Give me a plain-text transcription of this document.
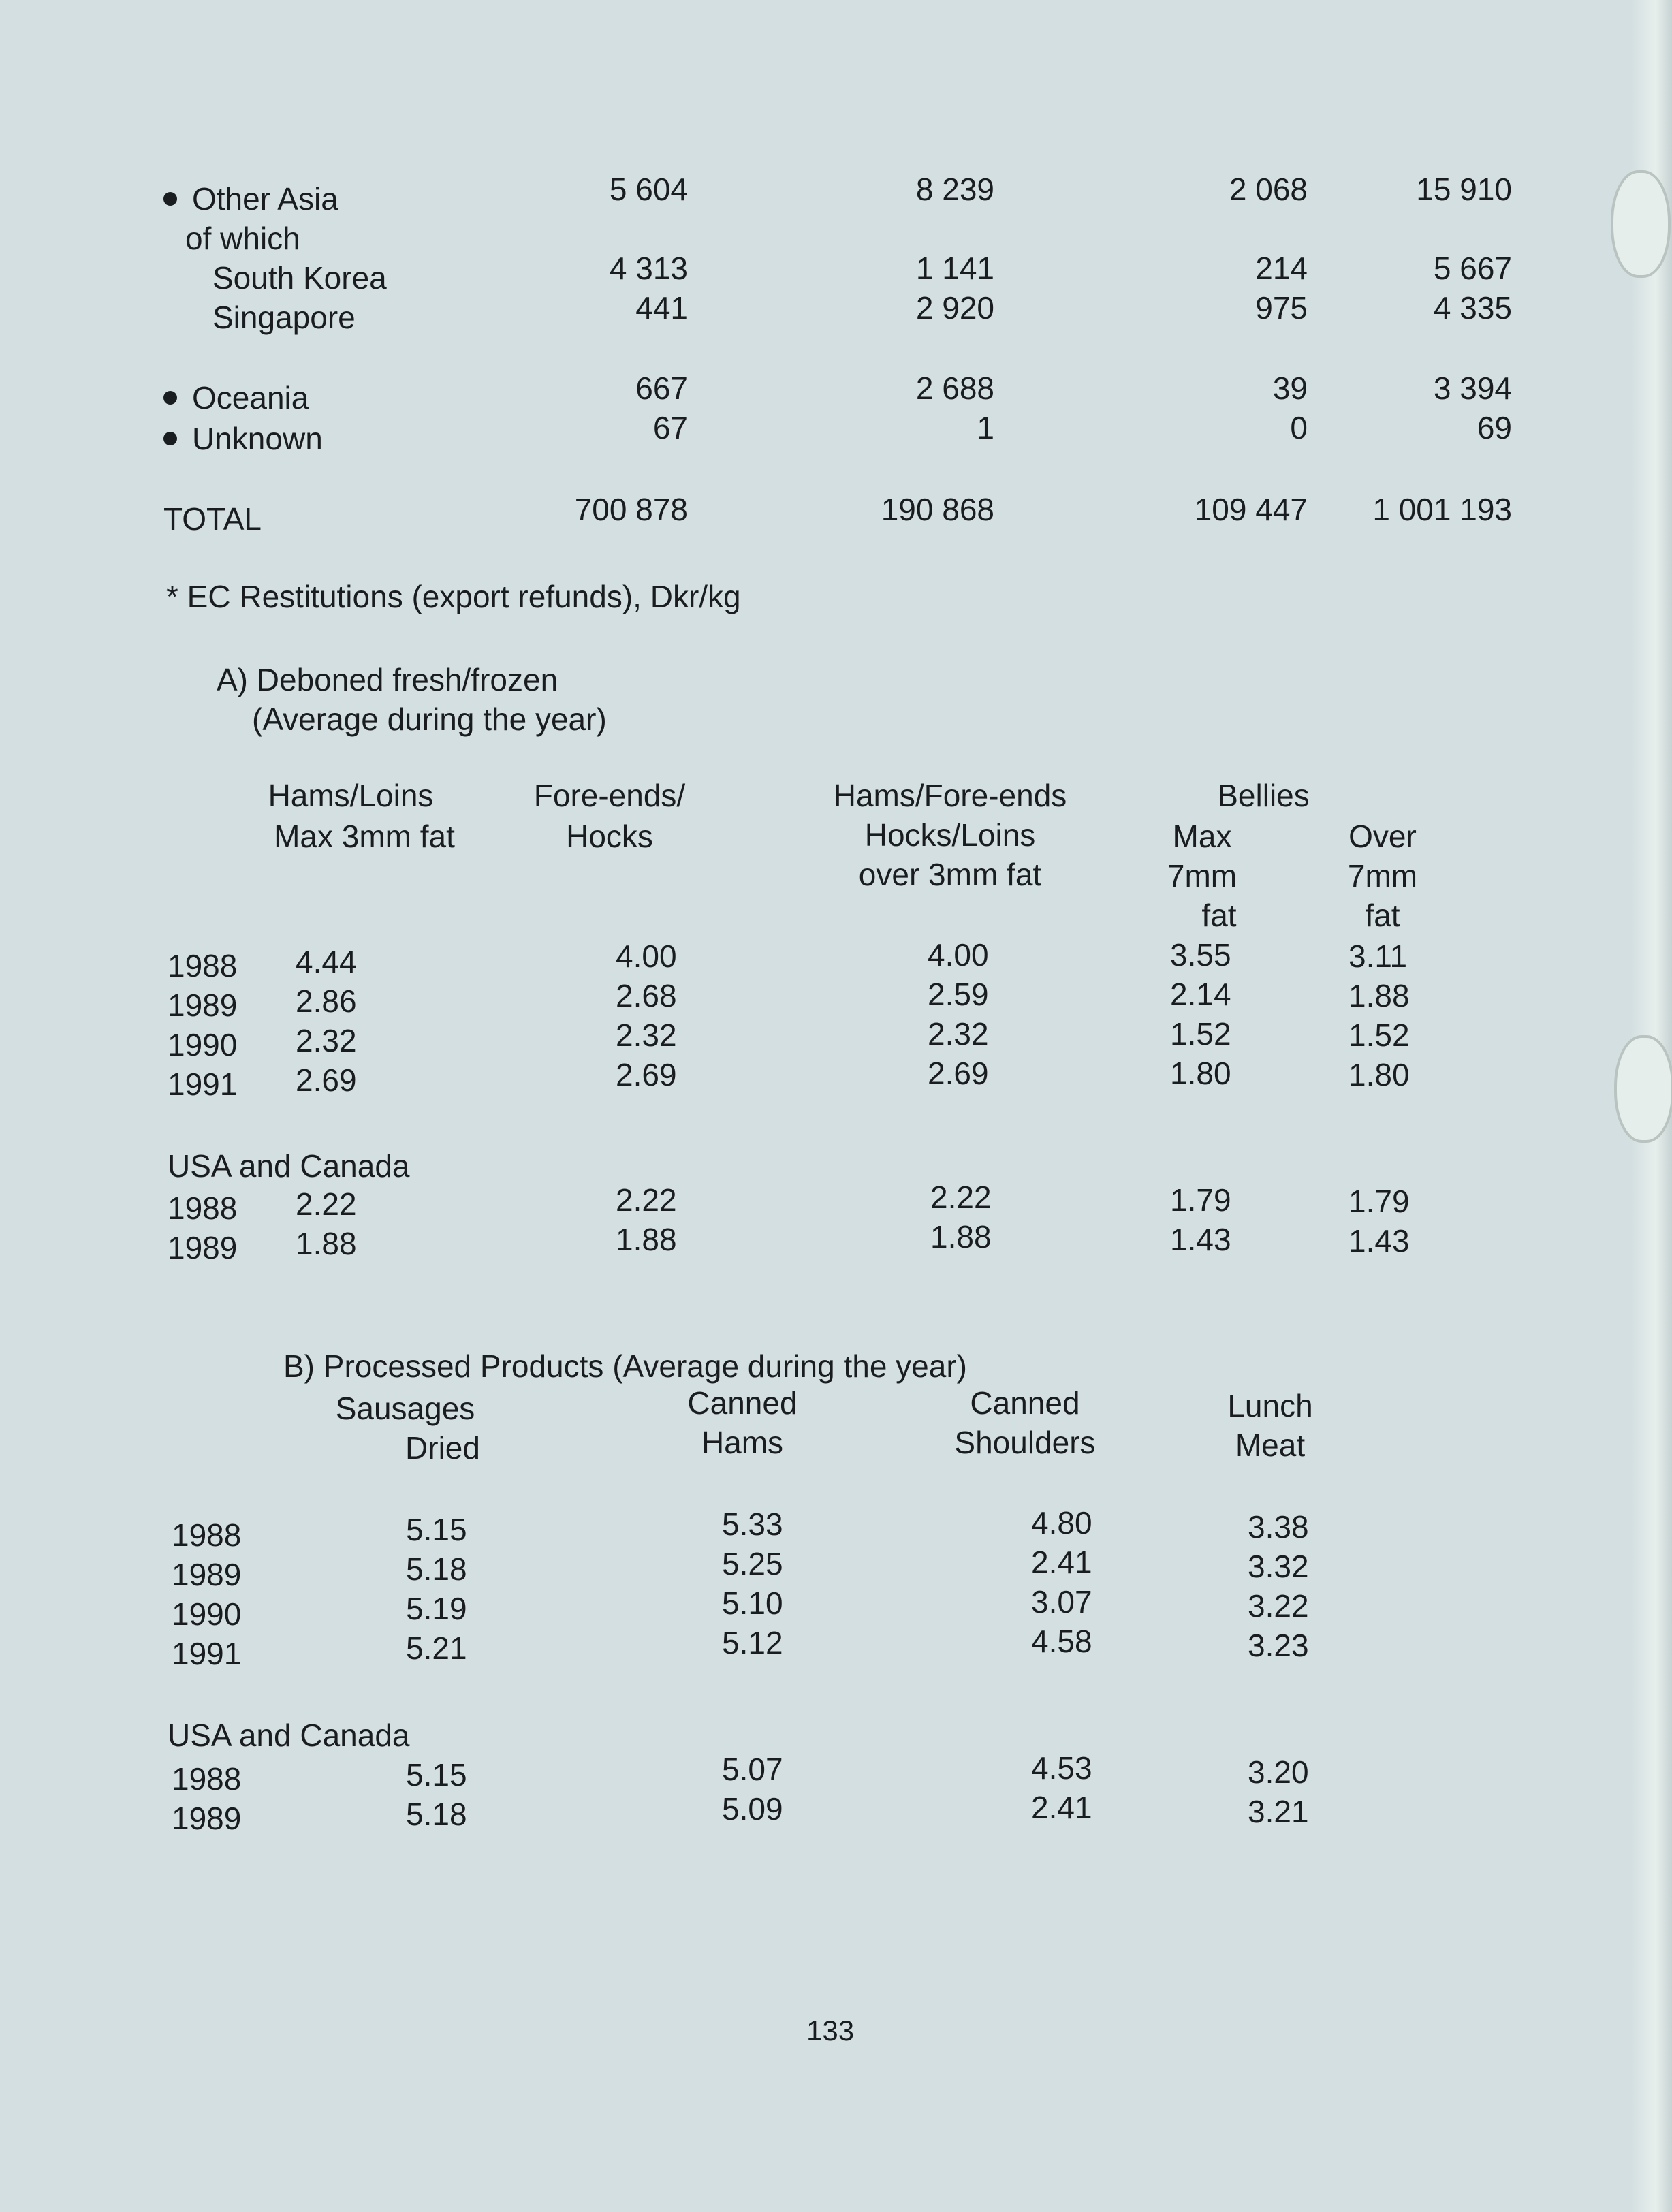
Other Asia	5 604	8 239	2 068	15 910
of which
South Korea	4 313	1 141	214	5 667
Singapore	441	2 920	975	4 335
Oceania	667	2 688	39	3 394
Unknown	67	1	0	69
TOTAL	700 878	190 868	109 447	1 001 193
* EC Restitutions (export refunds), Dkr/kg
A) Deboned fresh/frozen
(Average during the year)
Hams/Loins
Max 3mm fat
Fore-ends/
Hocks
Hams/Fore-ends
Hocks/Loins
over 3mm fat
Bellies
Max
7mm
fat
Over
7mm
fat
1988 4.44	4.00	4.00	3.55	3.11
1989 2.86	2.68	2.59	2.14	1.88
1990 2.32	2.32	2.32	1.52	1.52
1991 2.69	2.69	2.69	1.80	1.80
USA and Canada
1988 2.22	2.22	2.22	1.79	1.79
1989 1.88	1.88	1.88	1.43	1.43
B) Processed Products (Average during the year)
Sausages
Dried
Canned
Hams
Canned
Shoulders
Lunch
Meat
1988	5.15	5.33	4.80	3.38
1989	5.18	5.25	2.41	3.32
1990	5.19	5.10	3.07	3.22
1991	5.21	5.12	4.58	3.23
USA and Canada
1988	5.15	5.07	4.53	3.20
1989	5.18	5.09	2.41	3.21
133
